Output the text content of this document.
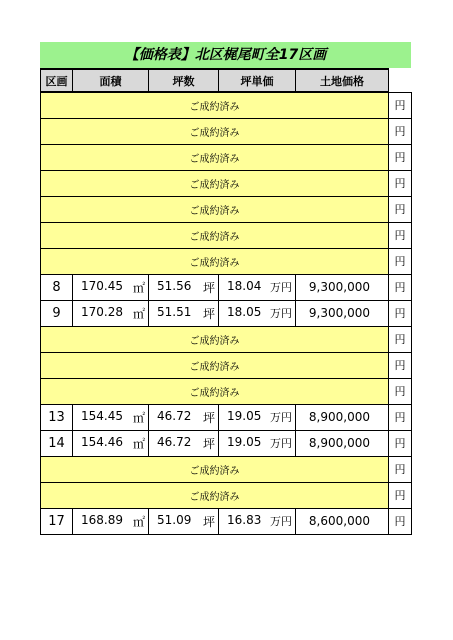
【価格表】北区梶尾町全17区画
区画	面積	坪数	坪単価	土地価格	
ご成約済み					円
ご成約済み					円
ご成約済み					円
ご成約済み					円
ご成約済み					円
ご成約済み					円
ご成約済み					円
8	170.45 ㎡	51.56 坪	18.04 万円	9,300,000	円
9	170.28 ㎡	51.51 坪	18.05 万円	9,300,000	円
ご成約済み					円
ご成約済み					円
ご成約済み					円
13	154.45 ㎡	46.72 坪	19.05 万円	8,900,000	円
14	154.46 ㎡	46.72 坪	19.05 万円	8,900,000	円
ご成約済み					円
ご成約済み					円
17	168.89 ㎡	51.09 坪	16.83 万円	8,600,000	円
